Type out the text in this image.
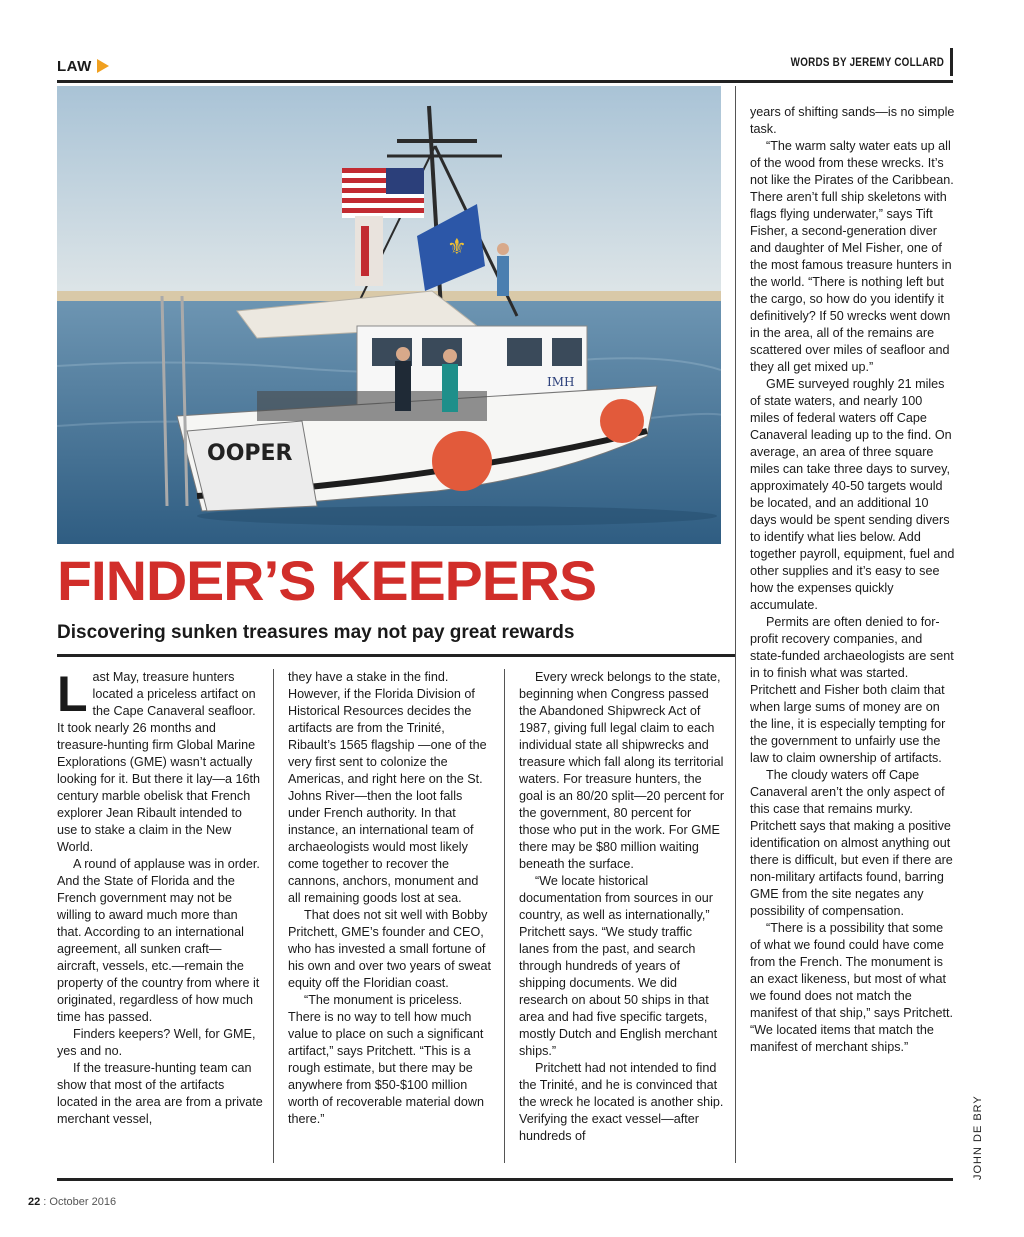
LAW	WORDS BY JEREMY COLLARD
⚜
IMH
OOPER
FINDER’S KEEPERS
Discovering sunken treasures may not pay great rewards

Last May, treasure hunters located a priceless artifact on the Cape Canaveral seafloor. It took nearly 26 months and treasure-hunting firm Global Marine Explorations (GME) wasn’t actually looking for it. But there it lay—a 16th century marble obelisk that French explorer Jean Ribault intended to use to stake a claim in the New World.

A round of applause was in order. And the State of Florida and the French government may not be willing to award much more than that. According to an international agreement, all sunken craft—aircraft, vessels, etc.—remain the property of the country from where it originated, regardless of how much time has passed.

Finders keepers? Well, for GME, yes and no.

If the treasure-hunting team can show that most of the artifacts located in the area are from a private merchant vessel,

they have a stake in the find. However, if the Florida Division of Historical Resources decides the artifacts are from the Trinité, Ribault’s 1565 flagship —one of the very first sent to colonize the Americas, and right here on the St. Johns River—then the loot falls under French authority. In that instance, an international team of archaeologists would most likely come together to recover the cannons, anchors, monument and all remaining goods lost at sea.

That does not sit well with Bobby Pritchett, GME’s founder and CEO, who has invested a small fortune of his own and over two years of sweat equity off the Floridian coast.

“The monument is priceless. There is no way to tell how much value to place on such a significant artifact,” says Pritchett. “This is a rough estimate, but there may be anywhere from $50-$100 million worth of recoverable material down there.”

Every wreck belongs to the state, beginning when Congress passed the Abandoned Shipwreck Act of 1987, giving full legal claim to each individual state all shipwrecks and treasure which fall along its territorial waters. For treasure hunters, the goal is an 80/20 split—20 percent for the government, 80 percent for those who put in the work. For GME there may be $80 million waiting beneath the surface.

“We locate historical documentation from sources in our country, as well as internationally,” Pritchett says. “We study traffic lanes from the past, and search through hundreds of years of shipping documents. We did research on about 50 ships in that area and had five specific targets, mostly Dutch and English merchant ships.”

Pritchett had not intended to find the Trinité, and he is convinced that the wreck he located is another ship. Verifying the exact vessel—after hundreds of

years of shifting sands—is no simple task.

“The warm salty water eats up all of the wood from these wrecks. It’s not like the Pirates of the Caribbean. There aren’t full ship skeletons with flags flying underwater,” says Tift Fisher, a second-generation diver and daughter of Mel Fisher, one of the most famous treasure hunters in the world. “There is nothing left but the cargo, so how do you identify it definitively? If 50 wrecks went down in the area, all of the remains are scattered over miles of seafloor and they all get mixed up.”

GME surveyed roughly 21 miles of state waters, and nearly 100 miles of federal waters off Cape Canaveral leading up to the find. On average, an area of three square miles can take three days to survey, approximately 40-50 targets would be located, and an additional 10 days would be spent sending divers to identify what lies below. Add together payroll, equipment, fuel and other supplies and it’s easy to see how the expenses quickly accumulate.

Permits are often denied to for-profit recovery companies, and state-funded archaeologists are sent in to finish what was started. Pritchett and Fisher both claim that when large sums of money are on the line, it is especially tempting for the government to unfairly use the law to claim ownership of artifacts.

The cloudy waters off Cape Canaveral aren’t the only aspect of this case that remains murky. Pritchett says that making a positive identification on almost anything out there is difficult, but even if there are non-military artifacts found, barring GME from the site negates any possibility of compensation.

“There is a possibility that some of what we found could have come from the French. The monument is an exact likeness, but most of what we found does not match the manifest of that ship,” says Pritchett. “We located items that match the manifest of merchant ships.”

22 : October 2016
JOHN DE BRY
